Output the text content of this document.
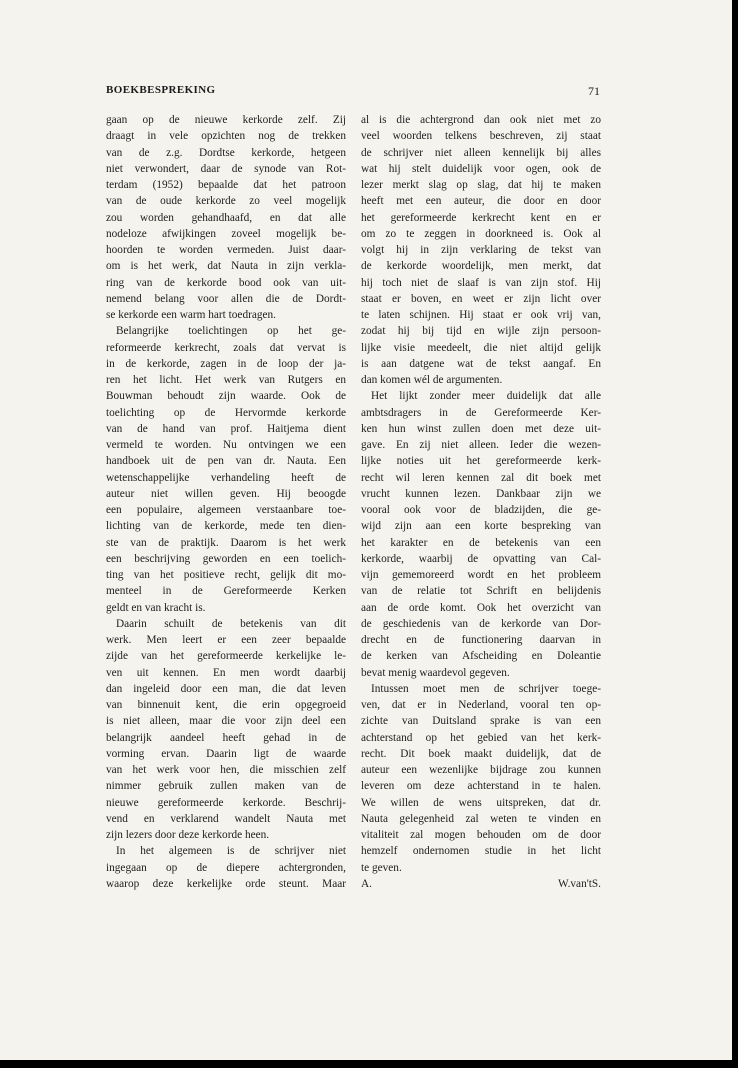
BOEKBESPREKING	71
gaan op de nieuwe kerkorde zelf. Zij
draagt in vele opzichten nog de trekken
van de z.g. Dordtse kerkorde, hetgeen
niet verwondert, daar de synode van Rot-
terdam (1952) bepaalde dat het patroon
van de oude kerkorde zo veel mogelijk
zou worden gehandhaafd, en dat alle
nodeloze afwijkingen zoveel mogelijk be-
hoorden te worden vermeden. Juist daar-
om is het werk, dat Nauta in zijn verkla-
ring van de kerkorde bood ook van uit-
nemend belang voor allen die de Dordt-
se kerkorde een warm hart toedragen.
Belangrijke toelichtingen op het ge-
reformeerde kerkrecht, zoals dat vervat is
in de kerkorde, zagen in de loop der ja-
ren het licht. Het werk van Rutgers en
Bouwman behoudt zijn waarde. Ook de
toelichting op de Hervormde kerkorde
van de hand van prof. Haitjema dient
vermeld te worden. Nu ontvingen we een
handboek uit de pen van dr. Nauta. Een
wetenschappelijke verhandeling heeft de
auteur niet willen geven. Hij beoogde
een populaire, algemeen verstaanbare toe-
lichting van de kerkorde, mede ten dien-
ste van de praktijk. Daarom is het werk
een beschrijving geworden en een toelich-
ting van het positieve recht, gelijk dit mo-
menteel in de Gereformeerde Kerken
geldt en van kracht is.
Daarin schuilt de betekenis van dit
werk. Men leert er een zeer bepaalde
zijde van het gereformeerde kerkelijke le-
ven uit kennen. En men wordt daarbij
dan ingeleid door een man, die dat leven
van binnenuit kent, die erin opgegroeid
is niet alleen, maar die voor zijn deel een
belangrijk aandeel heeft gehad in de
vorming ervan. Daarin ligt de waarde
van het werk voor hen, die misschien zelf
nimmer gebruik zullen maken van de
nieuwe gereformeerde kerkorde. Beschrij-
vend en verklarend wandelt Nauta met
zijn lezers door deze kerkorde heen.
In het algemeen is de schrijver niet
ingegaan op de diepere achtergronden,
waarop deze kerkelijke orde steunt. Maar
al is die achtergrond dan ook niet met zo
veel woorden telkens beschreven, zij staat
de schrijver niet alleen kennelijk bij alles
wat hij stelt duidelijk voor ogen, ook de
lezer merkt slag op slag, dat hij te maken
heeft met een auteur, die door en door
het gereformeerde kerkrecht kent en er
om zo te zeggen in doorkneed is. Ook al
volgt hij in zijn verklaring de tekst van
de kerkorde woordelijk, men merkt, dat
hij toch niet de slaaf is van zijn stof. Hij
staat er boven, en weet er zijn licht over
te laten schijnen. Hij staat er ook vrij van,
zodat hij bij tijd en wijle zijn persoon-
lijke visie meedeelt, die niet altijd gelijk
is aan datgene wat de tekst aangaf. En
dan komen wél de argumenten.
Het lijkt zonder meer duidelijk dat alle
ambtsdragers in de Gereformeerde Ker-
ken hun winst zullen doen met deze uit-
gave. En zij niet alleen. Ieder die wezen-
lijke noties uit het gereformeerde kerk-
recht wil leren kennen zal dit boek met
vrucht kunnen lezen. Dankbaar zijn we
vooral ook voor de bladzijden, die ge-
wijd zijn aan een korte bespreking van
het karakter en de betekenis van een
kerkorde, waarbij de opvatting van Cal-
vijn gememoreerd wordt en het probleem
van de relatie tot Schrift en belijdenis
aan de orde komt. Ook het overzicht van
de geschiedenis van de kerkorde van Dor-
drecht en de functionering daarvan in
de kerken van Afscheiding en Doleantie
bevat menig waardevol gegeven.
Intussen moet men de schrijver toege-
ven, dat er in Nederland, vooral ten op-
zichte van Duitsland sprake is van een
achterstand op het gebied van het kerk-
recht. Dit boek maakt duidelijk, dat de
auteur een wezenlijke bijdrage zou kunnen
leveren om deze achterstand in te halen.
We willen de wens uitspreken, dat dr.
Nauta gelegenheid zal weten te vinden en
vitaliteit zal mogen behouden om de door
hemzelf ondernomen studie in het licht
te geven.
A.	W.van'tS.
